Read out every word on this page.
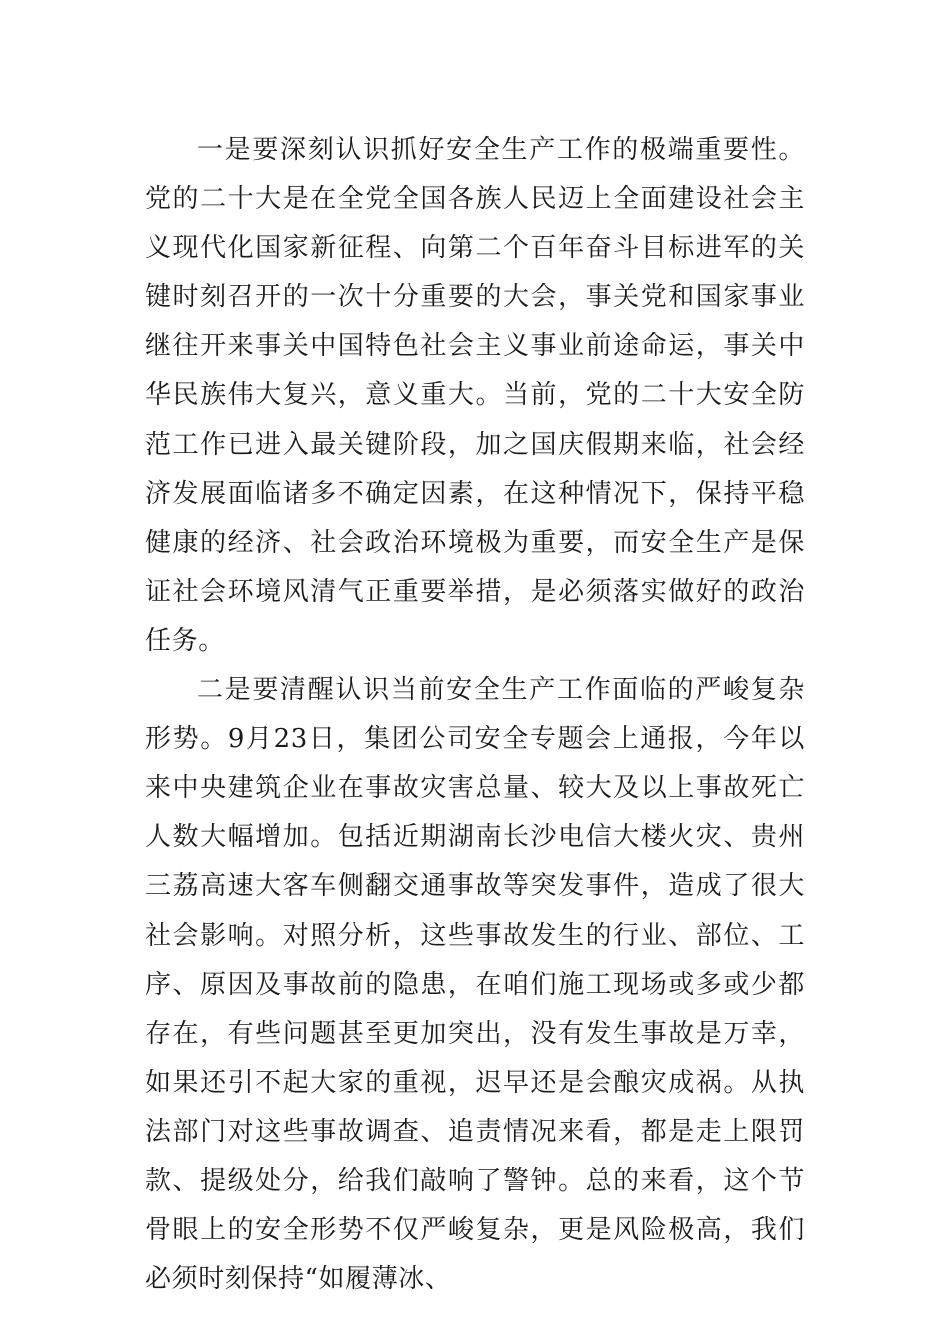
一是要深刻认识抓好安全生产工作的极端重要性。党的二十大是在全党全国各族人民迈上全面建设社会主义现代化国家新征程、向第二个百年奋斗目标进军的关键时刻召开的一次十分重要的大会，事关党和国家事业继往开来事关中国特色社会主义事业前途命运，事关中华民族伟大复兴，意义重大。当前，党的二十大安全防范工作已进入最关键阶段，加之国庆假期来临，社会经济发展面临诸多不确定因素，在这种情况下，保持平稳健康的经济、社会政治环境极为重要，而安全生产是保证社会环境风清气正重要举措，是必须落实做好的政治任务。

二是要清醒认识当前安全生产工作面临的严峻复杂形势。9月23日，集团公司安全专题会上通报，今年以来中央建筑企业在事故灾害总量、较大及以上事故死亡人数大幅增加。包括近期湖南长沙电信大楼火灾、贵州三荔高速大客车侧翻交通事故等突发事件，造成了很大社会影响。对照分析，这些事故发生的行业、部位、工序、原因及事故前的隐患，在咱们施工现场或多或少都存在，有些问题甚至更加突出，没有发生事故是万幸，如果还引不起大家的重视，迟早还是会酿灾成祸。从执法部门对这些事故调查、追责情况来看，都是走上限罚款、提级处分，给我们敲响了警钟。总的来看，这个节骨眼上的安全形势不仅严峻复杂，更是风险极高，我们必须时刻保持“如履薄冰、
